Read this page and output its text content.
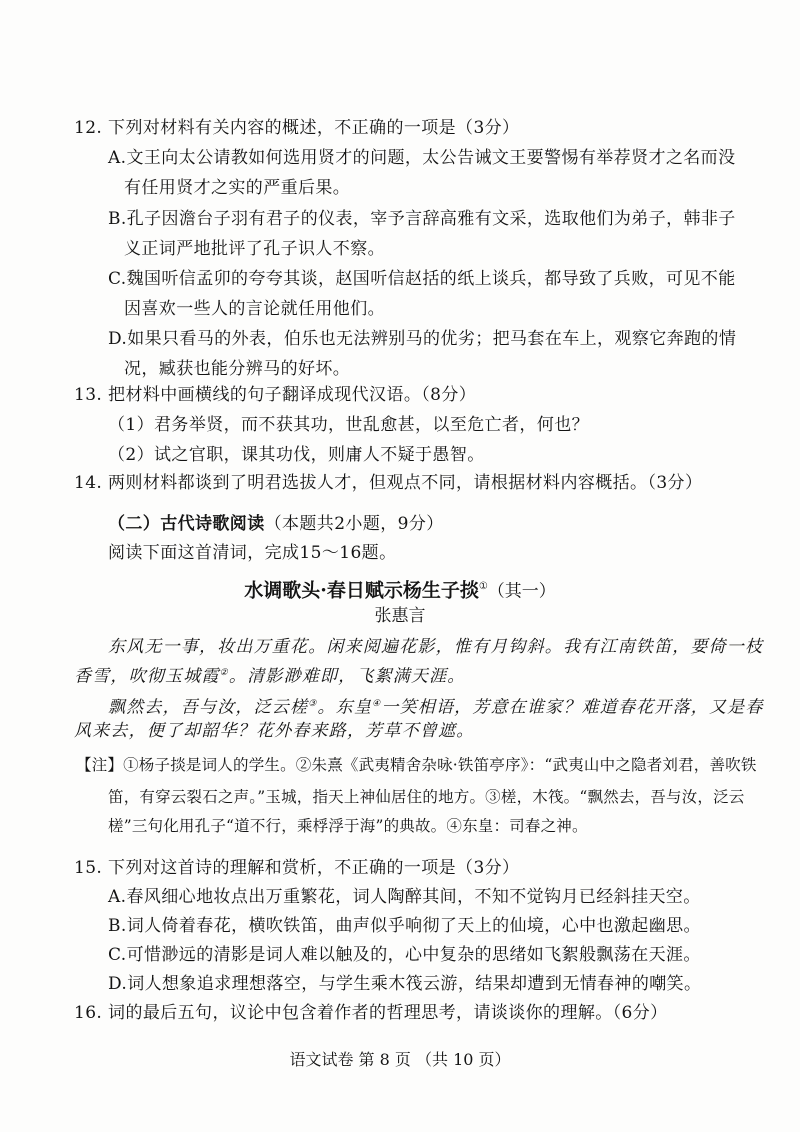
12. 下列对材料有关内容的概述，不正确的一项是（3分）
A.文王向太公请教如何选用贤才的问题，太公告诫文王要警惕有举荐贤才之名而没
有任用贤才之实的严重后果。
B.孔子因澹台子羽有君子的仪表，宰予言辞高雅有文采，选取他们为弟子，韩非子
义正词严地批评了孔子识人不察。
C.魏国听信孟卯的夸夸其谈，赵国听信赵括的纸上谈兵，都导致了兵败，可见不能
因喜欢一些人的言论就任用他们。
D.如果只看马的外表，伯乐也无法辨别马的优劣；把马套在车上，观察它奔跑的情
况，臧获也能分辨马的好坏。
13. 把材料中画横线的句子翻译成现代汉语。（8分）
（1）君务举贤，而不获其功，世乱愈甚，以至危亡者，何也？
（2）试之官职，课其功伐，则庸人不疑于愚智。
14. 两则材料都谈到了明君选拔人才，但观点不同，请根据材料内容概括。（3分）
（二）古代诗歌阅读（本题共2小题，9分）
阅读下面这首清词，完成15～16题。
水调歌头·春日赋示杨生子掞①（其一）
张惠言
东风无一事，妆出万重花。闲来阅遍花影，惟有月钩斜。我有江南铁笛，要倚一枝
香雪，吹彻玉城霞②。清影渺难即，飞絮满天涯。
飘然去，吾与汝，泛云槎③。东皇④一笑相语，芳意在谁家？难道春花开落，又是春
风来去，便了却韶华？花外春来路，芳草不曾遮。
【注】①杨子掞是词人的学生。②朱熹《武夷精舍杂咏·铁笛亭序》：“武夷山中之隐者刘君，善吹铁
笛，有穿云裂石之声。”玉城，指天上神仙居住的地方。③槎，木筏。“飘然去，吾与汝，泛云
槎”三句化用孔子“道不行，乘桴浮于海”的典故。④东皇：司春之神。
15. 下列对这首诗的理解和赏析，不正确的一项是（3分）
A.春风细心地妆点出万重繁花，词人陶醉其间，不知不觉钩月已经斜挂天空。
B.词人倚着春花，横吹铁笛，曲声似乎响彻了天上的仙境，心中也激起幽思。
C.可惜渺远的清影是词人难以触及的，心中复杂的思绪如飞絮般飘荡在天涯。
D.词人想象追求理想落空，与学生乘木筏云游，结果却遭到无情春神的嘲笑。
16. 词的最后五句，议论中包含着作者的哲理思考，请谈谈你的理解。（6分）
语文试卷 第 8 页 （共 10 页）
